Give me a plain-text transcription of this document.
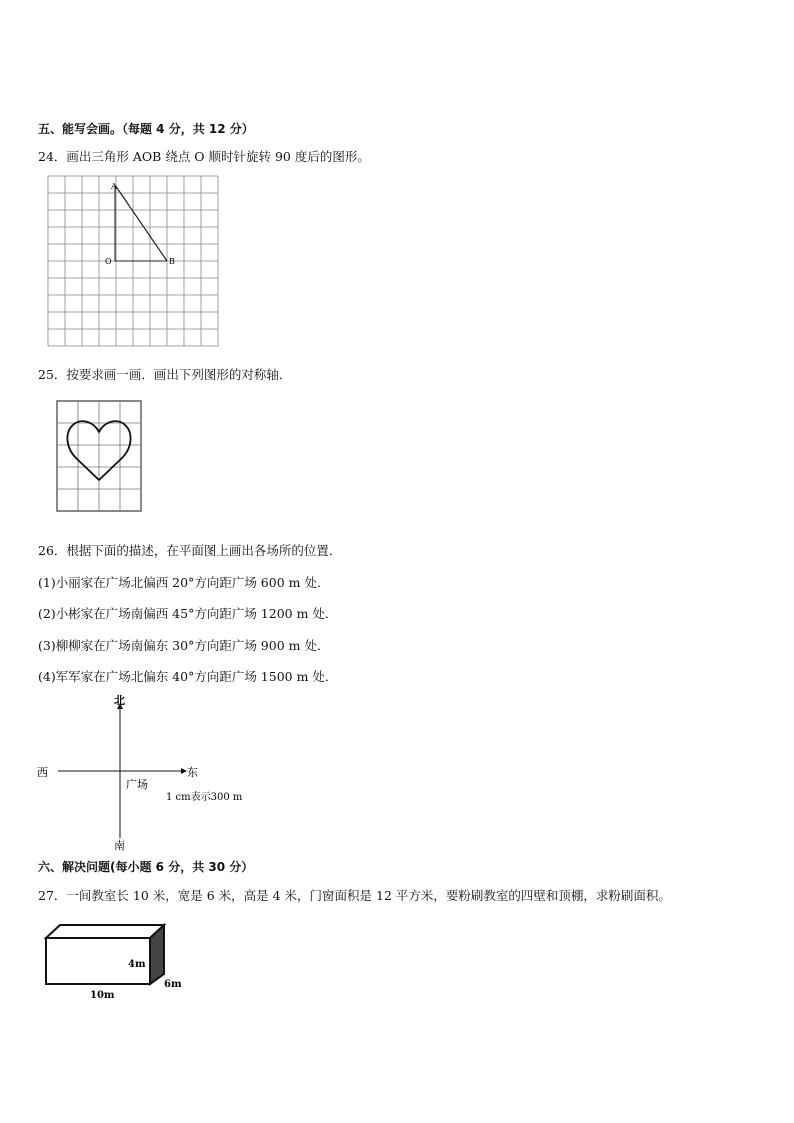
五、能写会画。（每题 4 分，共 12 分）
24．画出三角形 AOB 绕点 O 顺时针旋转 90 度后的图形。
A
O	B
25．按要求画一画．画出下列图形的对称轴．
26．根据下面的描述，在平面图上画出各场所的位置．
(1)小丽家在广场北偏西 20°方向距广场 600 m 处．
(2)小彬家在广场南偏西 45°方向距广场 1200 m 处．
(3)柳柳家在广场南偏东 30°方向距广场 900 m 处．
(4)军军家在广场北偏东 40°方向距广场 1500 m 处．
北
南
西	东
广场
1 cm表示300 m
六、解决问题(每小题 6 分，共 30 分）
27．一间教室长 10 米，宽是 6 米，高是 4 米，门窗面积是 12 平方米，要粉刷教室的四壁和顶棚，求粉刷面积。
4m
6m
10m
